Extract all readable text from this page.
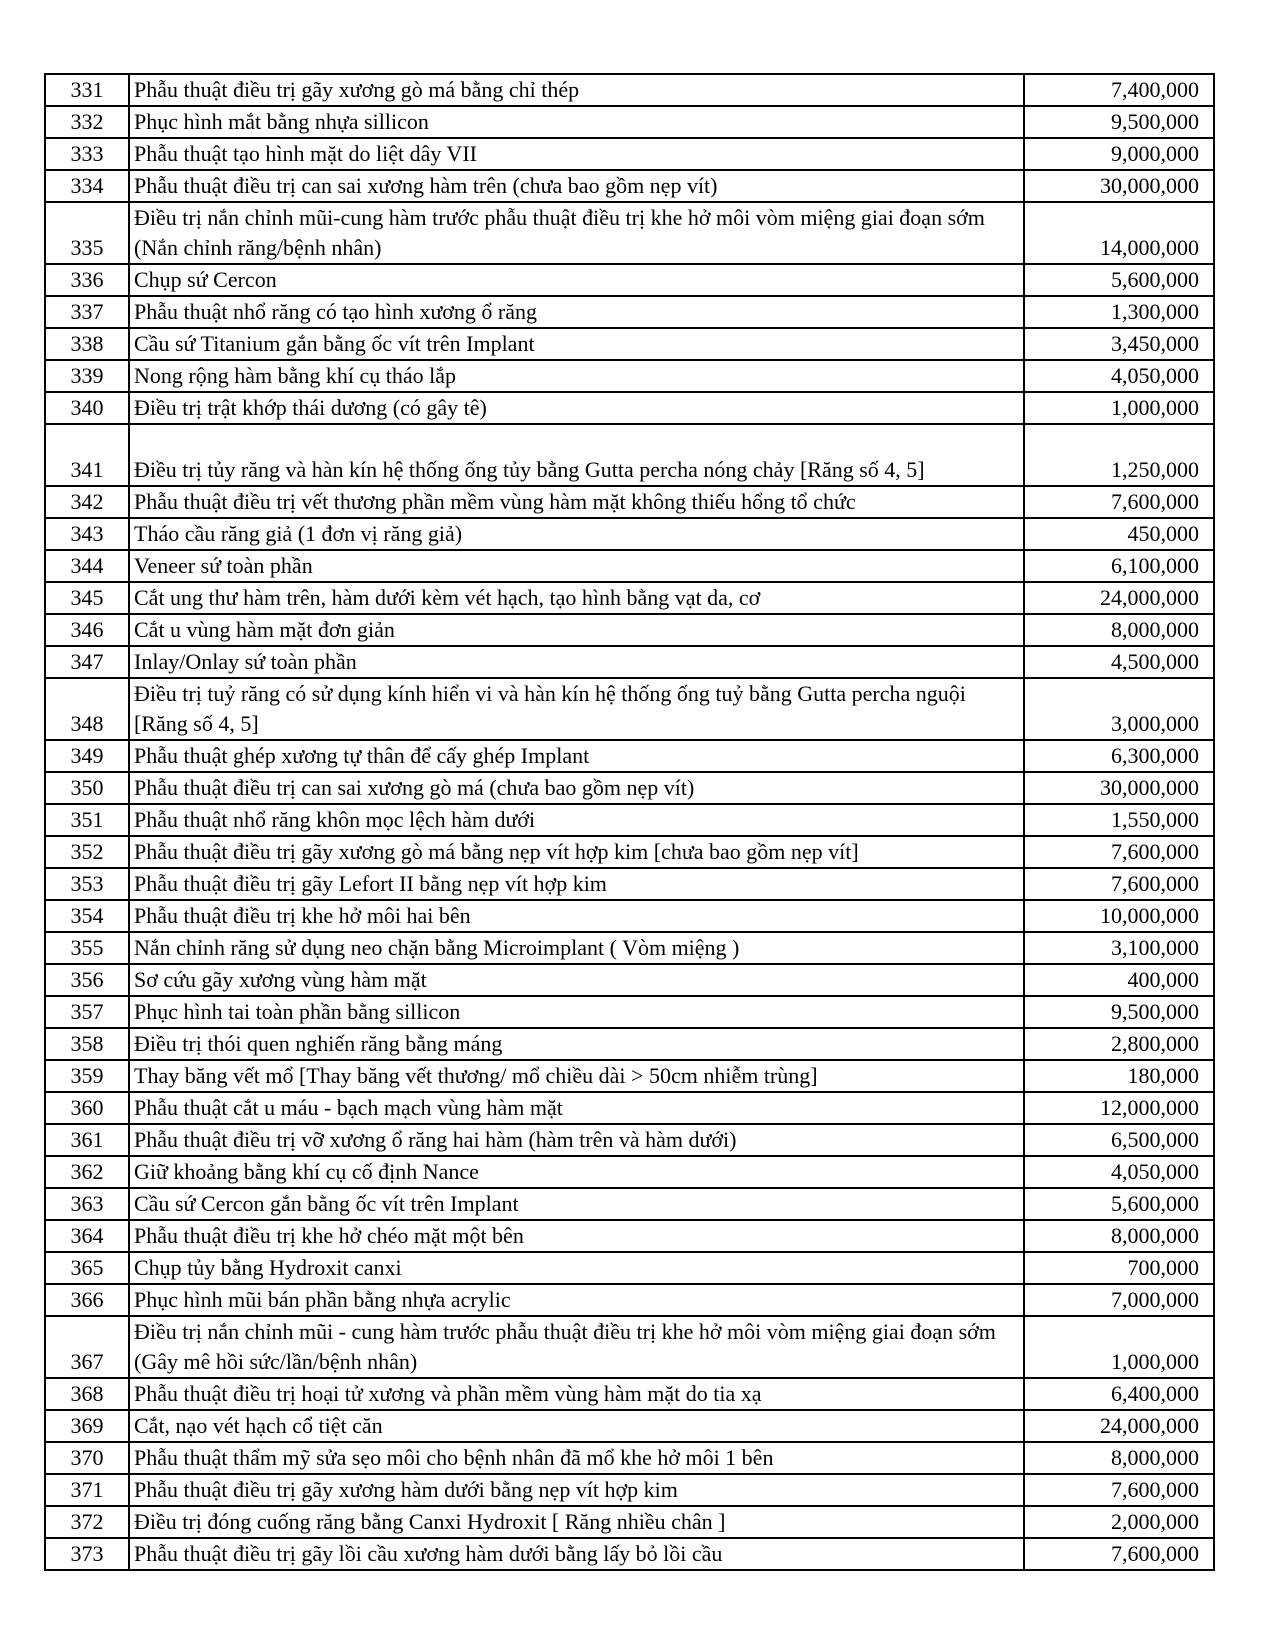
331	Phẫu thuật điều trị gãy xương gò má bằng chỉ thép	7,400,000
332	Phục hình mắt bằng nhựa sillicon	9,500,000
333	Phẫu thuật tạo hình mặt do liệt dây VII	9,000,000
334	Phẫu thuật điều trị can sai xương hàm trên (chưa bao gồm nẹp vít)	30,000,000
335	Điều trị nắn chỉnh mũi-cung hàm trước phẫu thuật điều trị khe hở môi vòm miệng giai đoạn sớm (Nắn chỉnh răng/bệnh nhân)	14,000,000
336	Chụp sứ Cercon	5,600,000
337	Phẫu thuật nhổ răng có tạo hình xương ổ răng	1,300,000
338	Cầu sứ Titanium gắn bằng ốc vít trên Implant	3,450,000
339	Nong rộng hàm bằng khí cụ tháo lắp	4,050,000
340	Điều trị trật khớp thái dương (có gây tê)	1,000,000
341	Điều trị tủy răng và hàn kín hệ thống ống tủy bằng Gutta percha nóng chảy [Răng số 4, 5]	1,250,000
342	Phẫu thuật điều trị vết thương phần mềm vùng hàm mặt không thiếu hổng tổ chức	7,600,000
343	Tháo cầu răng giả (1 đơn vị răng giả)	450,000
344	Veneer sứ toàn phần	6,100,000
345	Cắt ung thư hàm trên, hàm dưới kèm vét hạch, tạo hình bằng vạt da, cơ	24,000,000
346	Cắt u vùng hàm mặt đơn giản	8,000,000
347	Inlay/Onlay sứ toàn phần	4,500,000
348	Điều trị tuỷ răng có sử dụng kính hiển vi và hàn kín hệ thống ống tuỷ bằng Gutta percha nguội [Răng số 4, 5]	3,000,000
349	Phẫu thuật ghép xương tự thân để cấy ghép Implant	6,300,000
350	Phẫu thuật điều trị can sai xương gò má (chưa bao gồm nẹp vít)	30,000,000
351	Phẫu thuật nhổ răng khôn mọc lệch hàm dưới	1,550,000
352	Phẫu thuật điều trị gãy xương gò má bằng nẹp vít hợp kim [chưa bao gồm nẹp vít]	7,600,000
353	Phẫu thuật điều trị gãy Lefort II bằng nẹp vít hợp kim	7,600,000
354	Phẫu thuật điều trị khe hở môi hai bên	10,000,000
355	Nắn chỉnh răng sử dụng neo chặn bằng Microimplant ( Vòm miệng )	3,100,000
356	Sơ cứu gãy xương vùng hàm mặt	400,000
357	Phục hình tai toàn phần bằng sillicon	9,500,000
358	Điều trị thói quen nghiến răng bằng máng	2,800,000
359	Thay băng vết mổ [Thay băng vết thương/ mổ chiều dài > 50cm nhiễm trùng]	180,000
360	Phẫu thuật cắt u máu - bạch mạch vùng hàm mặt	12,000,000
361	Phẫu thuật điều trị vỡ xương ổ răng hai hàm (hàm trên và hàm dưới)	6,500,000
362	Giữ khoảng bằng khí cụ cố định Nance	4,050,000
363	Cầu sứ Cercon gắn bằng ốc vít trên Implant	5,600,000
364	Phẫu thuật điều trị khe hở chéo mặt một bên	8,000,000
365	Chụp tủy bằng Hydroxit canxi	700,000
366	Phục hình mũi bán phần bằng nhựa acrylic	7,000,000
367	Điều trị nắn chỉnh mũi - cung hàm trước phẫu thuật điều trị khe hở môi vòm miệng giai đoạn sớm (Gây mê hồi sức/lần/bệnh nhân)	1,000,000
368	Phẫu thuật điều trị hoại tử xương và phần mềm vùng hàm mặt do tia xạ	6,400,000
369	Cắt, nạo vét hạch cổ tiệt căn	24,000,000
370	Phẫu thuật thẩm mỹ sửa sẹo môi cho bệnh nhân đã mổ khe hở môi 1 bên	8,000,000
371	Phẫu thuật điều trị gãy xương hàm dưới bằng nẹp vít hợp kim	7,600,000
372	Điều trị đóng cuống răng bằng Canxi Hydroxit [ Răng nhiều chân ]	2,000,000
373	Phẫu thuật điều trị gãy lồi cầu xương hàm dưới bằng lấy bỏ lồi cầu	7,600,000
